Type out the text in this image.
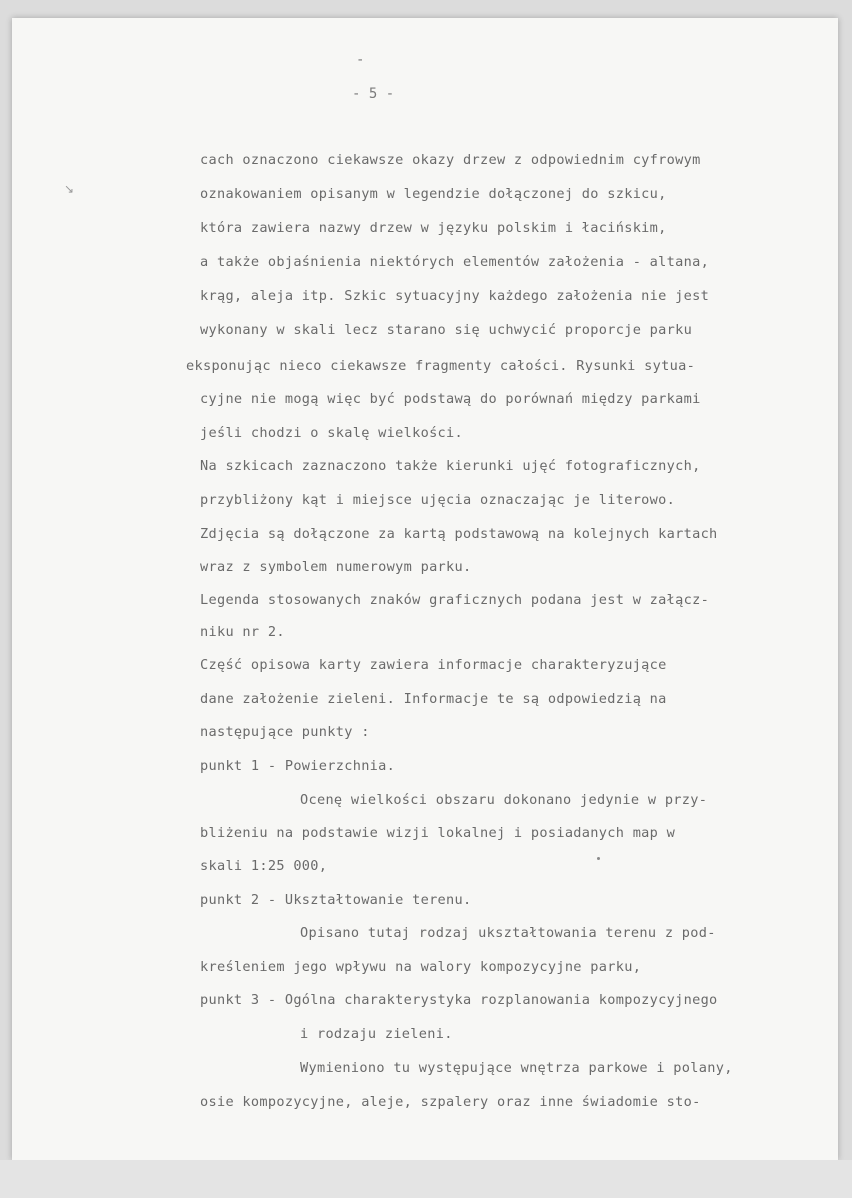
-
- 5 -
↘
cach oznaczono ciekawsze okazy drzew z odpowiednim cyfrowym
oznakowaniem opisanym w legendzie dołączonej do szkicu,
która zawiera nazwy drzew w języku polskim i łacińskim,
a także objaśnienia niektórych elementów założenia - altana,
krąg, aleja itp. Szkic sytuacyjny każdego założenia nie jest
wykonany w skali lecz starano się uchwycić proporcje parku
eksponując nieco ciekawsze fragmenty całości. Rysunki sytua-
cyjne nie mogą więc być podstawą do porównań między parkami
jeśli chodzi o skalę wielkości.
Na szkicach zaznaczono także kierunki ujęć fotograficznych,
przybliżony kąt i miejsce ujęcia oznaczając je literowo.
Zdjęcia są dołączone za kartą podstawową na kolejnych kartach
wraz z symbolem numerowym parku.
Legenda stosowanych znaków graficznych podana jest w załącz-
niku nr 2.
Część opisowa karty zawiera informacje charakteryzujące
dane założenie zieleni. Informacje te są odpowiedzią na
następujące punkty :
punkt 1 - Powierzchnia.
Ocenę wielkości obszaru dokonano jedynie w przy-
bliżeniu na podstawie wizji lokalnej i posiadanych map w
skali 1:25 000,
punkt 2 - Ukształtowanie terenu.
Opisano tutaj rodzaj ukształtowania terenu z pod-
kreśleniem jego wpływu na walory kompozycyjne parku,
punkt 3 - Ogólna charakterystyka rozplanowania kompozycyjnego
i rodzaju zieleni.
Wymieniono tu występujące wnętrza parkowe i polany,
osie kompozycyjne, aleje, szpalery oraz inne świadomie sto-
